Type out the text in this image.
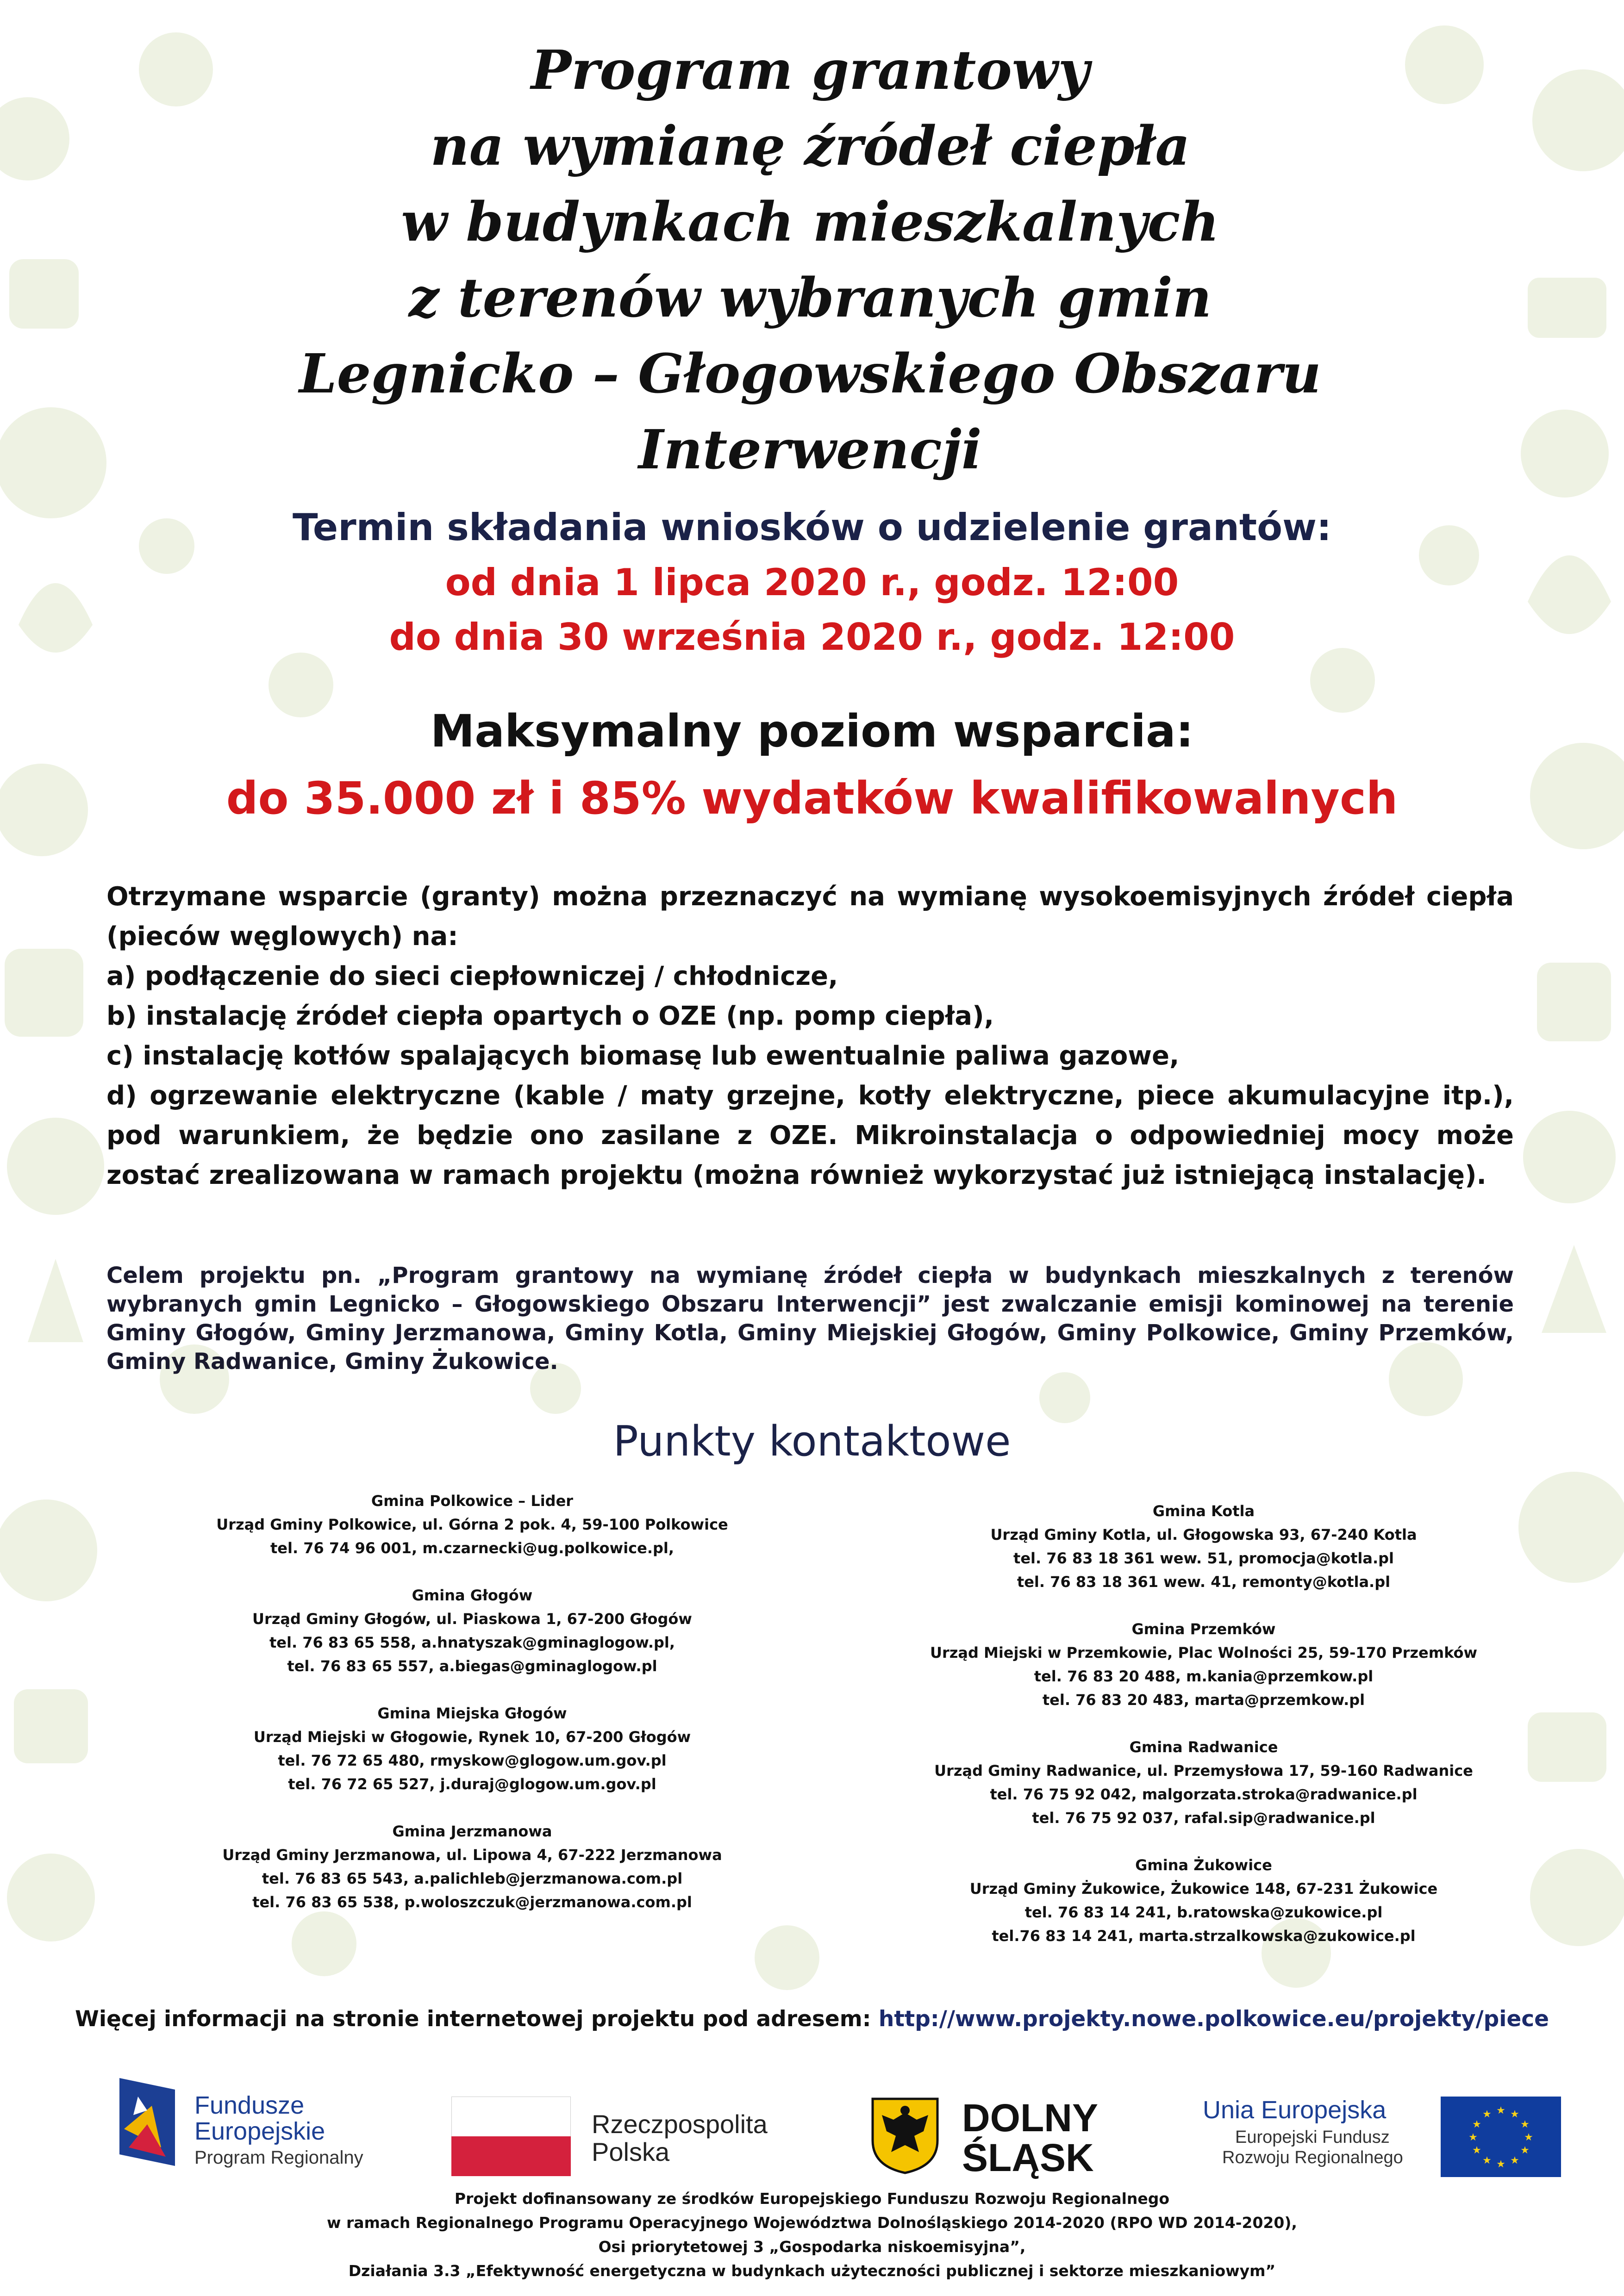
Program grantowy
na wymianę źródeł ciepła
w budynkach mieszkalnych
z terenów wybranych gmin
Legnicko – Głogowskiego Obszaru
Interwencji
Termin składania wniosków o udzielenie grantów:
od dnia 1 lipca 2020 r., godz. 12:00
do dnia 30 września 2020 r., godz. 12:00
Maksymalny poziom wsparcia:
do 35.000 zł i 85% wydatków kwalifikowalnych

Otrzymane wsparcie (granty) można przeznaczyć na wymianę wysokoemisyjnych źródeł ciepła (pieców węglowych) na:

a) podłączenie do sieci ciepłowniczej / chłodnicze,

b) instalację źródeł ciepła opartych o OZE (np. pomp ciepła),

c) instalację kotłów spalających biomasę lub ewentualnie paliwa gazowe,

d) ogrzewanie elektryczne (kable / maty grzejne, kotły elektryczne, piece akumulacyjne itp.), pod warunkiem, że będzie ono zasilane z OZE. Mikroinstalacja o odpowiedniej mocy może zostać zrealizowana w ramach projektu (można również wykorzystać już istniejącą instalację).

Celem projektu pn. „Program grantowy na wymianę źródeł ciepła w budynkach mieszkalnych z terenów wybranych gmin Legnicko – Głogowskiego Obszaru Interwencji” jest zwalczanie emisji kominowej na terenie Gminy Głogów, Gminy Jerzmanowa, Gminy Kotla, Gminy Miejskiej Głogów, Gminy Polkowice, Gminy Przemków, Gminy Radwanice, Gminy Żukowice.

Punkty kontaktowe
Gmina Polkowice – Lider
Urząd Gminy Polkowice, ul. Górna 2 pok. 4, 59-100 Polkowice
tel. 76 74 96 001, m.czarnecki@ug.polkowice.pl,
Gmina Głogów
Urząd Gminy Głogów, ul. Piaskowa 1, 67-200 Głogów
tel. 76 83 65 558, a.hnatyszak@gminaglogow.pl,
tel. 76 83 65 557, a.biegas@gminaglogow.pl
Gmina Miejska Głogów
Urząd Miejski w Głogowie, Rynek 10, 67-200 Głogów
tel. 76 72 65 480, rmyskow@glogow.um.gov.pl
tel. 76 72 65 527, j.duraj@glogow.um.gov.pl
Gmina Jerzmanowa
Urząd Gminy Jerzmanowa, ul. Lipowa 4, 67-222 Jerzmanowa
tel. 76 83 65 543, a.palichleb@jerzmanowa.com.pl
tel. 76 83 65 538, p.woloszczuk@jerzmanowa.com.pl
Gmina Kotla
Urząd Gminy Kotla, ul. Głogowska 93, 67-240 Kotla
tel. 76 83 18 361 wew. 51, promocja@kotla.pl
tel. 76 83 18 361 wew. 41, remonty@kotla.pl
Gmina Przemków
Urząd Miejski w Przemkowie, Plac Wolności 25, 59-170 Przemków
tel. 76 83 20 488, m.kania@przemkow.pl
tel. 76 83 20 483, marta@przemkow.pl
Gmina Radwanice
Urząd Gminy Radwanice, ul. Przemysłowa 17, 59-160 Radwanice
tel. 76 75 92 042, malgorzata.stroka@radwanice.pl
tel. 76 75 92 037, rafal.sip@radwanice.pl
Gmina Żukowice
Urząd Gminy Żukowice, Żukowice 148, 67-231 Żukowice
tel. 76 83 14 241, b.ratowska@zukowice.pl
tel.76 83 14 241, marta.strzalkowska@zukowice.pl
Więcej informacji na stronie internetowej projektu pod adresem: http://www.projekty.nowe.polkowice.eu/projekty/piece
Fundusze
Europejskie
Program Regionalny
Rzeczpospolita
Polska
DOLNY
ŚLĄSK
Unia Europejska
Europejski Fundusz
Rozwoju Regionalnego
★ ★
★
★
★
★
★
★
★
★
★
★
Projekt dofinansowany ze środków Europejskiego Funduszu Rozwoju Regionalnego
w ramach Regionalnego Programu Operacyjnego Województwa Dolnośląskiego 2014-2020 (RPO WD 2014-2020),
Osi priorytetowej 3 „Gospodarka niskoemisyjna”,
Działania 3.3 „Efektywność energetyczna w budynkach użyteczności publicznej i sektorze mieszkaniowym”
